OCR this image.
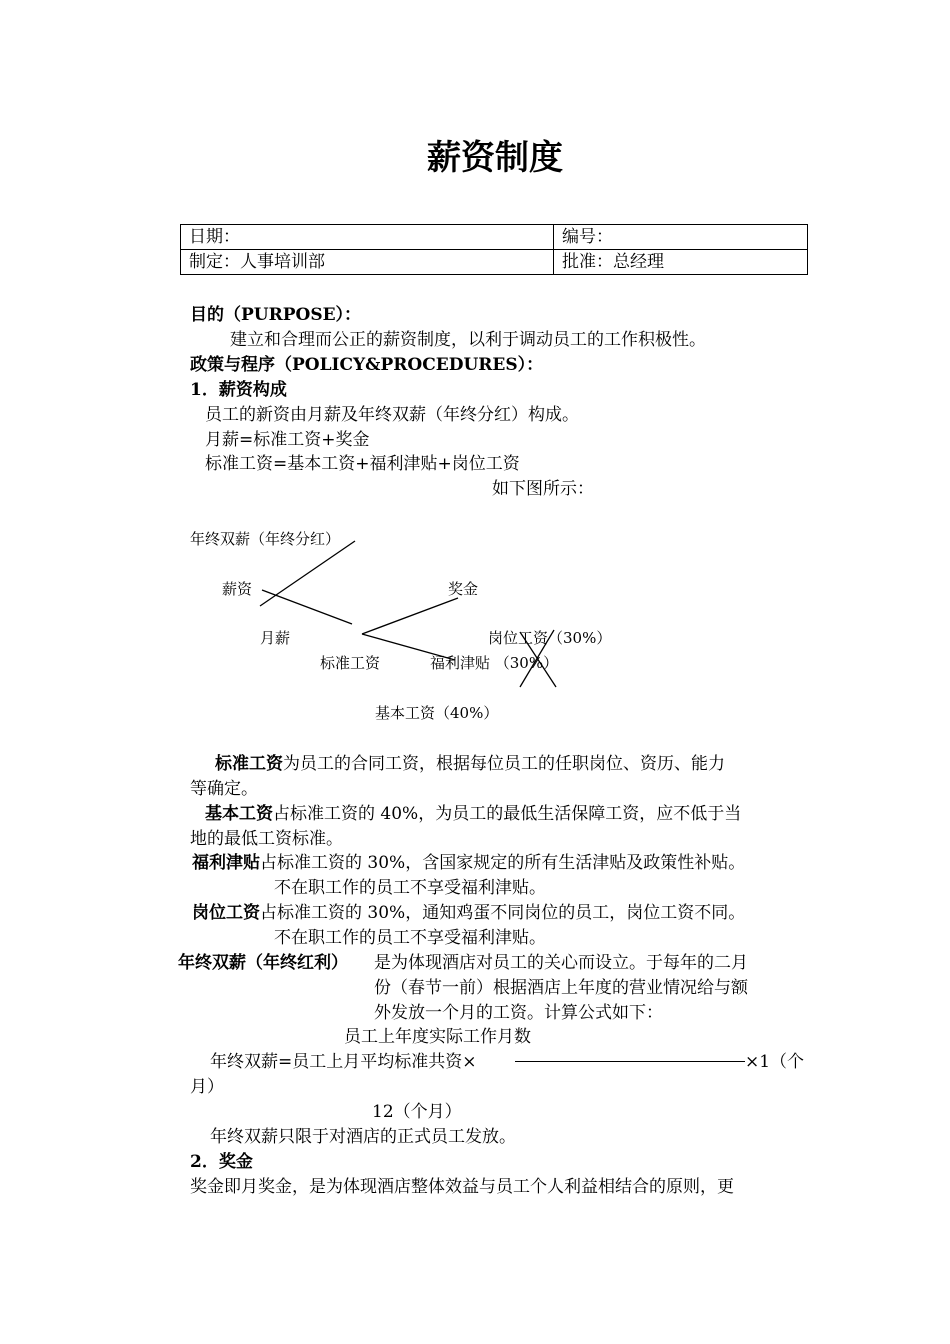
薪资制度
日期：	编号：
制定：人事培训部	批准：总经理
目的（PURPOSE）：
建立和合理而公正的薪资制度，以利于调动员工的工作积极性。
政策与程序（POLICY&PROCEDURES）：
1．薪资构成
员工的新资由月薪及年终双薪（年终分红）构成。
月薪=标准工资+奖金
标准工资=基本工资+福利津贴+岗位工资
如下图所示：
年终双薪（年终分红）
薪资	奖金
月薪	岗位工资（30%）
标准工资	福利津贴 （30%）
基本工资（40%）
标准工资为员工的合同工资，根据每位员工的任职岗位、资历、能力
等确定。
基本工资占标准工资的 40%，为员工的最低生活保障工资，应不低于当
地的最低工资标准。
福利津贴占标准工资的 30%，含国家规定的所有生活津贴及政策性补贴。
不在职工作的员工不享受福利津贴。
岗位工资占标准工资的 30%，通知鸡蛋不同岗位的员工，岗位工资不同。
不在职工作的员工不享受福利津贴。
年终双薪（年终红利） 是为体现酒店对员工的关心而设立。于每年的二月
份（春节一前）根据酒店上年度的营业情况给与额
外发放一个月的工资。计算公式如下：
员工上年度实际工作月数
年终双薪=员工上月平均标准共资×	×1（个
月）
12（个月）
年终双薪只限于对酒店的正式员工发放。
2．奖金
奖金即月奖金，是为体现酒店整体效益与员工个人利益相结合的原则，更
